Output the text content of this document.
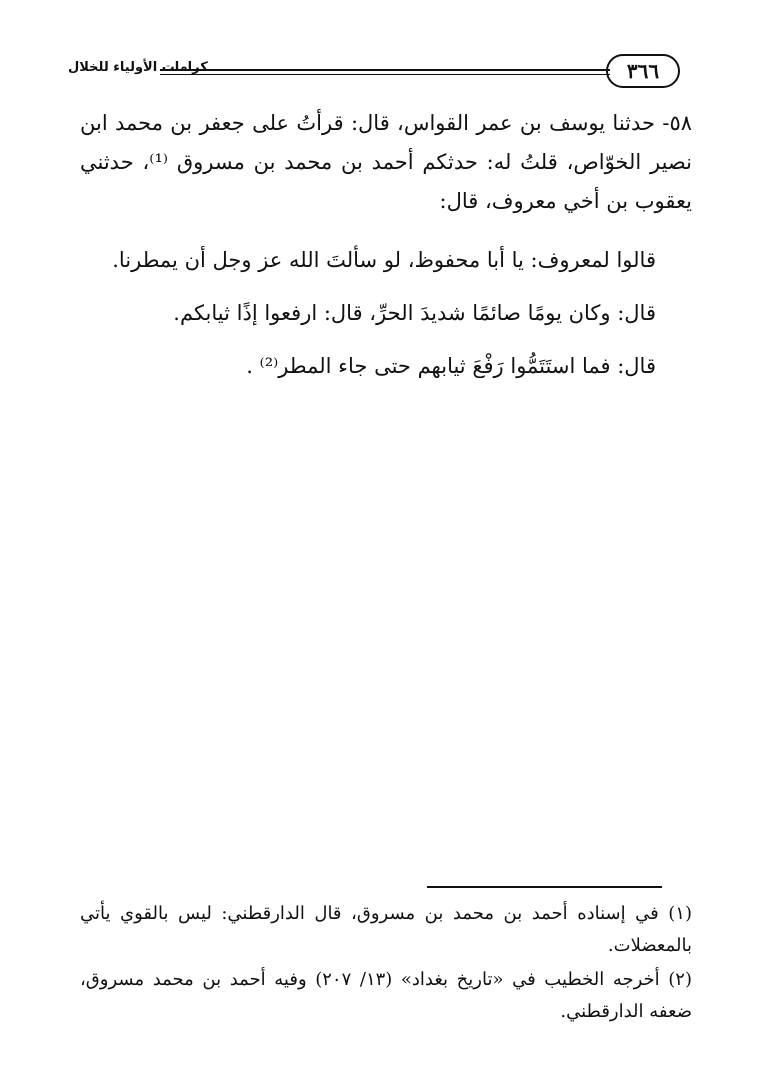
٣٦٦
كرامات الأولياء للخلال

٥٨- حدثنا يوسف بن عمر القواس، قال: قرأتُ على جعفر بن محمد ابن نصير الخوّاص، قلتُ له: حدثكم أحمد بن محمد بن مسروق ⁽¹⁾، حدثني يعقوب بن أخي معروف، قال:

قالوا لمعروف: يا أبا محفوظ، لو سألتَ الله عز وجل أن يمطرنا.

قال: وكان يومًا صائمًا شديدَ الحرِّ، قال: ارفعوا إذًا ثيابكم.

قال: فما استَتَمُّوا رَفْعَ ثيابهم حتى جاء المطر⁽²⁾ .

(١) في إسناده أحمد بن محمد بن مسروق، قال الدارقطني: ليس بالقوي يأتي بالمعضلات.

(٢) أخرجه الخطيب في «تاريخ بغداد» (١٣/ ٢٠٧) وفيه أحمد بن محمد مسروق، ضعفه الدارقطني.
